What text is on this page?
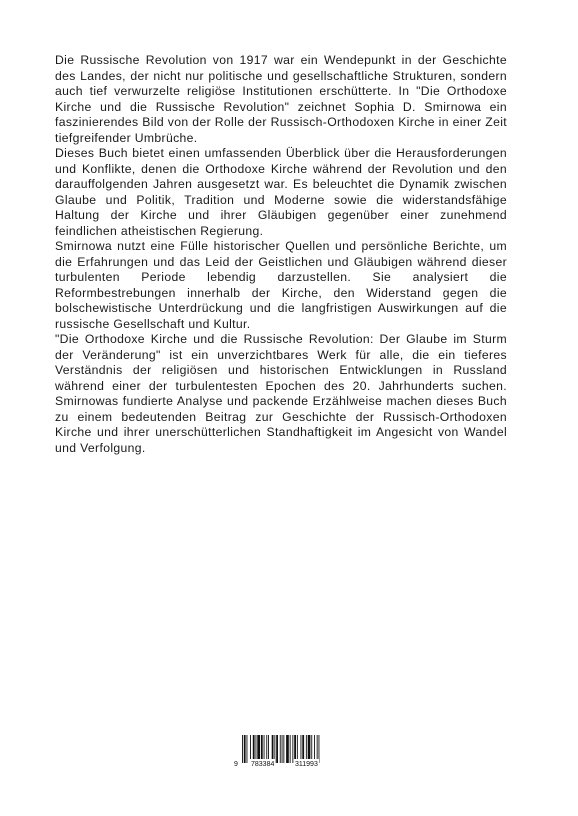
Die Russische Revolution von 1917 war ein Wendepunkt in der Geschichte des Landes, der nicht nur politische und gesellschaftliche Strukturen, sondern auch tief verwurzelte religiöse Institutionen erschütterte. In "Die Orthodoxe Kirche und die Russische Revolution" zeichnet Sophia D. Smirnowa ein faszinierendes Bild von der Rolle der Russisch-Orthodoxen Kirche in einer Zeit tiefgreifender Umbrüche.

Dieses Buch bietet einen umfassenden Überblick über die Herausforderungen und Konflikte, denen die Orthodoxe Kirche während der Revolution und den darauffolgenden Jahren ausgesetzt war. Es beleuchtet die Dynamik zwischen Glaube und Politik, Tradition und Moderne sowie die widerstandsfähige Haltung der Kirche und ihrer Gläubigen gegenüber einer zunehmend feindlichen atheistischen Regierung.

Smirnowa nutzt eine Fülle historischer Quellen und persönliche Berichte, um die Erfahrungen und das Leid der Geistlichen und Gläubigen während dieser turbulenten Periode lebendig darzustellen. Sie analysiert die Reformbestrebungen innerhalb der Kirche, den Widerstand gegen die bolschewistische Unterdrückung und die langfristigen Auswirkungen auf die russische Gesellschaft und Kultur.

"Die Orthodoxe Kirche und die Russische Revolution: Der Glaube im Sturm der Veränderung" ist ein unverzichtbares Werk für alle, die ein tieferes Verständnis der religiösen und historischen Entwicklungen in Russland während einer der turbulentesten Epochen des 20. Jahrhunderts suchen. Smirnowas fundierte Analyse und packende Erzählweise machen dieses Buch zu einem bedeutenden Beitrag zur Geschichte der Russisch-Orthodoxen Kirche und ihrer unerschütterlichen Standhaftigkeit im Angesicht von Wandel und Verfolgung.

9 783384	311993
